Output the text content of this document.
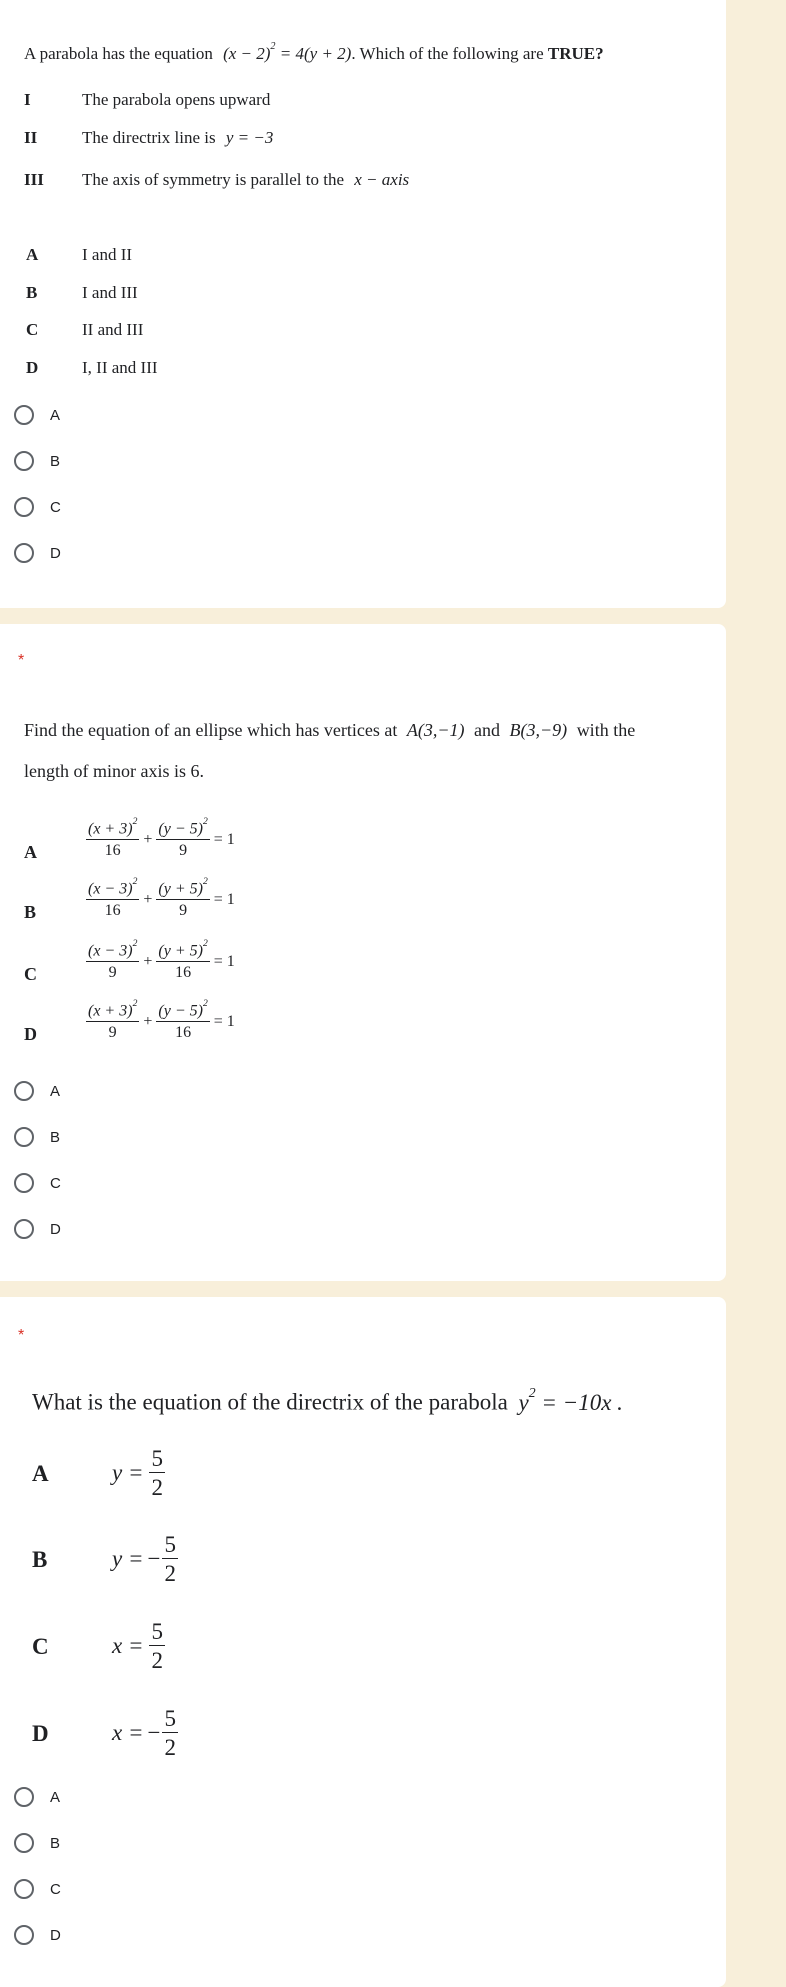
A parabola has the equation $(x - 2)^2 = 4(y + 2)$. Which of the following are TRUE?
I	The parabola opens upward
II	The directrix line is y = −3
III The axis of symmetry is parallel to the x − axis
A	I and II
B	I and III
C	II and III
D	I, II and III
A
B
C
D
*
Find the equation of an ellipse which has vertices at A(3,−1) and B(3,−9) with the
length of minor axis is 6.
A	$\frac{(x + 3)^2}{16} + \frac{(y - 5)^2}{9} = 1$
B	$\frac{(x - 3)^2}{16} + \frac{(y + 5)^2}{9} = 1$
C	$\frac{(x - 3)^2}{9} + \frac{(y + 5)^2}{16} = 1$
D	$\frac{(x + 3)^2}{9} + \frac{(y - 5)^2}{16} = 1$
A
B
C
D
*
What is the equation of the directrix of the parabola $y^2 = -10x$ .
A	$y = \frac{5}{2}$
B	y = − $\frac{5}{2}$
C	$x = \frac{5}{2}$
D	x = − $\frac{5}{2}$
A
B
C
D
